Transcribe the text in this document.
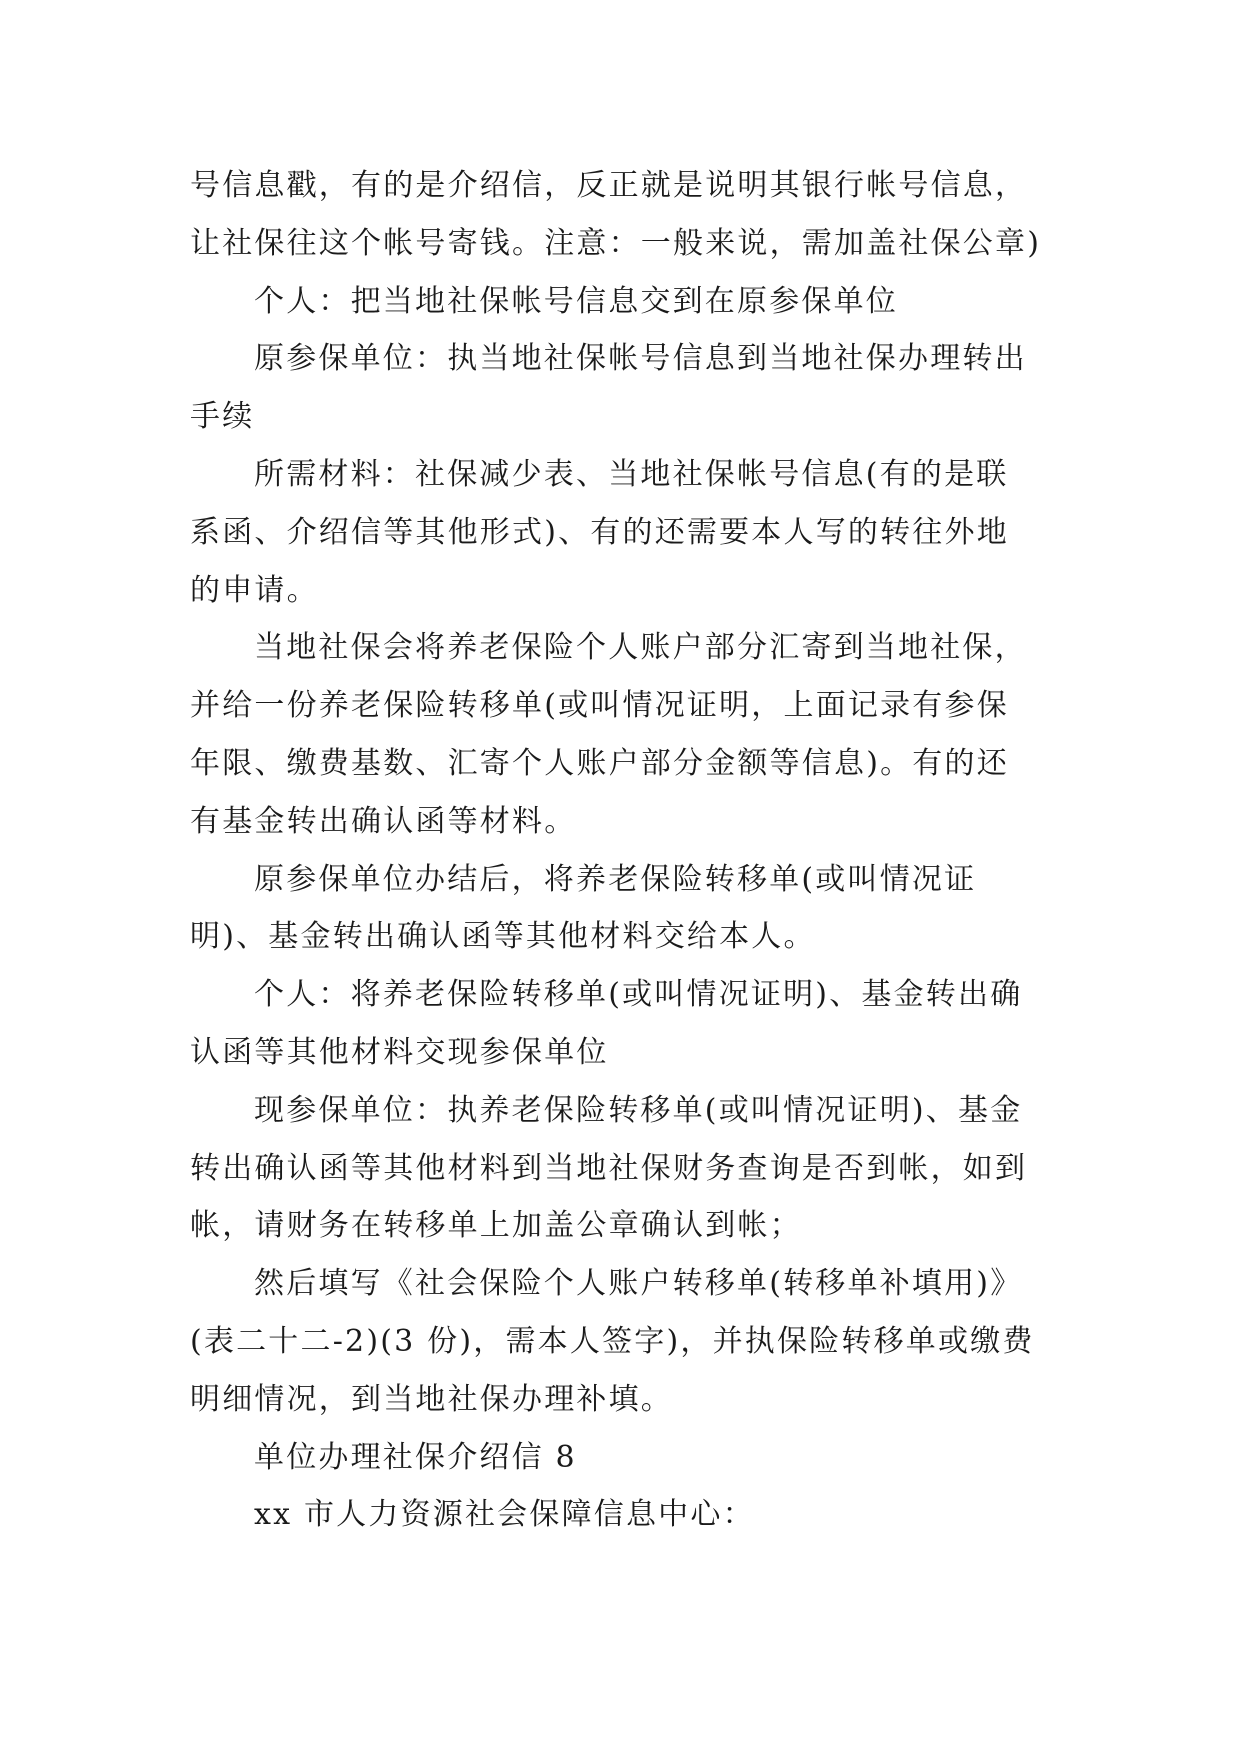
号信息戳，有的是介绍信，反正就是说明其银行帐号信息，
让社保往这个帐号寄钱。注意：一般来说，需加盖社保公章)
个人：把当地社保帐号信息交到在原参保单位
原参保单位：执当地社保帐号信息到当地社保办理转出
手续
所需材料：社保减少表、当地社保帐号信息(有的是联
系函、介绍信等其他形式)、有的还需要本人写的转往外地
的申请。
当地社保会将养老保险个人账户部分汇寄到当地社保，
并给一份养老保险转移单(或叫情况证明，上面记录有参保
年限、缴费基数、汇寄个人账户部分金额等信息)。有的还
有基金转出确认函等材料。
原参保单位办结后，将养老保险转移单(或叫情况证
明)、基金转出确认函等其他材料交给本人。
个人：将养老保险转移单(或叫情况证明)、基金转出确
认函等其他材料交现参保单位
现参保单位：执养老保险转移单(或叫情况证明)、基金
转出确认函等其他材料到当地社保财务查询是否到帐，如到
帐，请财务在转移单上加盖公章确认到帐；
然后填写《社会保险个人账户转移单(转移单补填用)》
(表二十二-2)(3 份)，需本人签字)，并执保险转移单或缴费
明细情况，到当地社保办理补填。
单位办理社保介绍信 8
xx 市人力资源社会保障信息中心：
